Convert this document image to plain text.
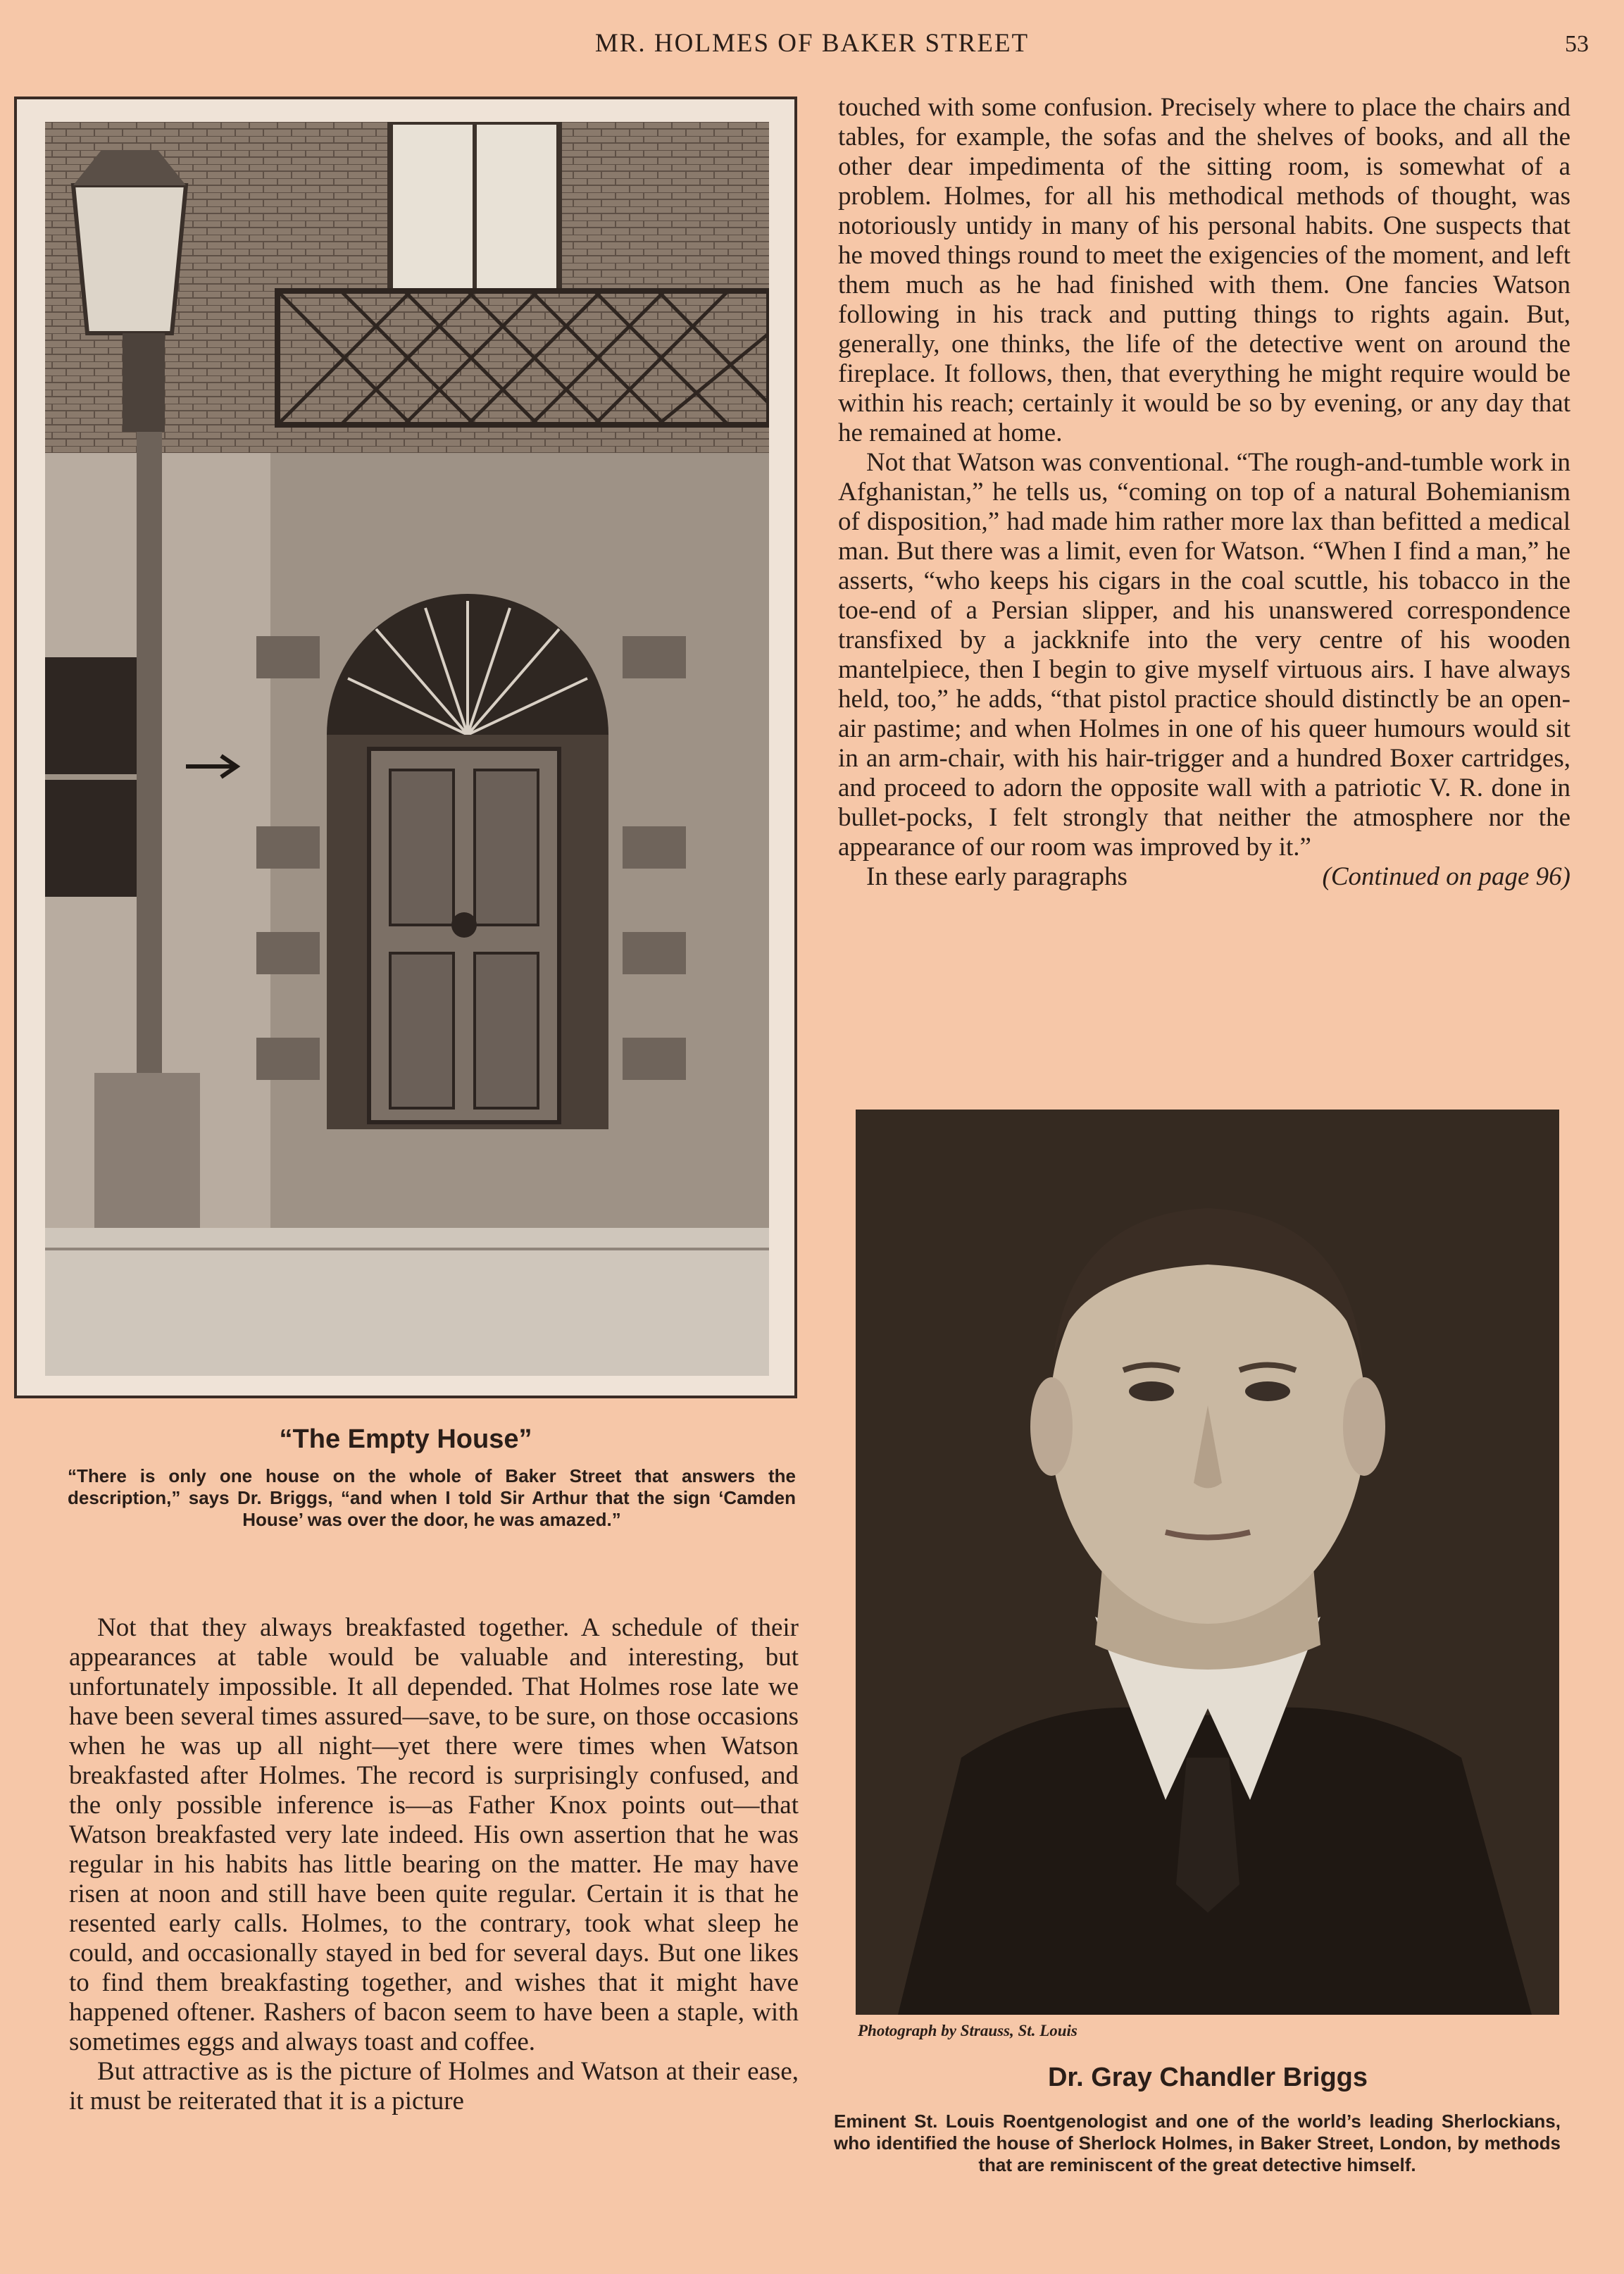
MR. HOLMES OF BAKER STREET	53
“The Empty House”
“There is only one house on the whole of Baker Street that answers the description,” says Dr. Briggs, “and when I told Sir Arthur that the sign ‘Camden House’ was over the door, he was amazed.”

touched with some confusion. Precisely where to place the chairs and tables, for example, the sofas and the shelves of books, and all the other dear impedimenta of the sitting room, is somewhat of a problem. Holmes, for all his methodical methods of thought, was notoriously untidy in many of his personal habits. One suspects that he moved things round to meet the exigencies of the moment, and left them much as he had finished with them. One fancies Watson following in his track and putting things to rights again. But, generally, one thinks, the life of the detective went on around the fireplace. It follows, then, that everything he might require would be within his reach; certainly it would be so by evening, or any day that he remained at home.

Not that Watson was conventional. “The rough-and-tumble work in Afghanistan,” he tells us, “coming on top of a natural Bohemianism of disposition,” had made him rather more lax than befitted a medical man. But there was a limit, even for Watson. “When I find a man,” he asserts, “who keeps his cigars in the coal scuttle, his tobacco in the toe-end of a Persian slipper, and his unanswered correspondence transfixed by a jackknife into the very centre of his wooden mantelpiece, then I begin to give myself virtuous airs. I have always held, too,” he adds, “that pistol practice should distinctly be an open-air pastime; and when Holmes in one of his queer humours would sit in an arm-chair, with his hair-trigger and a hundred Boxer cartridges, and proceed to adorn the opposite wall with a patriotic V. R. done in bullet-pocks, I felt strongly that neither the atmosphere nor the appearance of our room was improved by it.”

In these early paragraphs	(Continued on page 96)

Photograph by Strauss, St. Louis
Dr. Gray Chandler Briggs
Eminent St. Louis Roentgenologist and one of the world’s leading Sherlockians, who identified the house of Sherlock Holmes, in Baker Street, London, by methods that are reminiscent of the great detective himself.

Not that they always breakfasted together. A schedule of their appearances at table would be valuable and interesting, but unfortunately impossible. It all depended. That Holmes rose late we have been several times assured—save, to be sure, on those occasions when he was up all night—yet there were times when Watson breakfasted after Holmes. The record is surprisingly confused, and the only possible inference is—as Father Knox points out—that Watson breakfasted very late indeed. His own assertion that he was regular in his habits has little bearing on the matter. He may have risen at noon and still have been quite regular. Certain it is that he resented early calls. Holmes, to the contrary, took what sleep he could, and occasionally stayed in bed for several days. But one likes to find them breakfasting together, and wishes that it might have happened oftener. Rashers of bacon seem to have been a staple, with sometimes eggs and always toast and coffee.

But attractive as is the picture of Holmes and Watson at their ease, it must be reiterated that it is a picture
